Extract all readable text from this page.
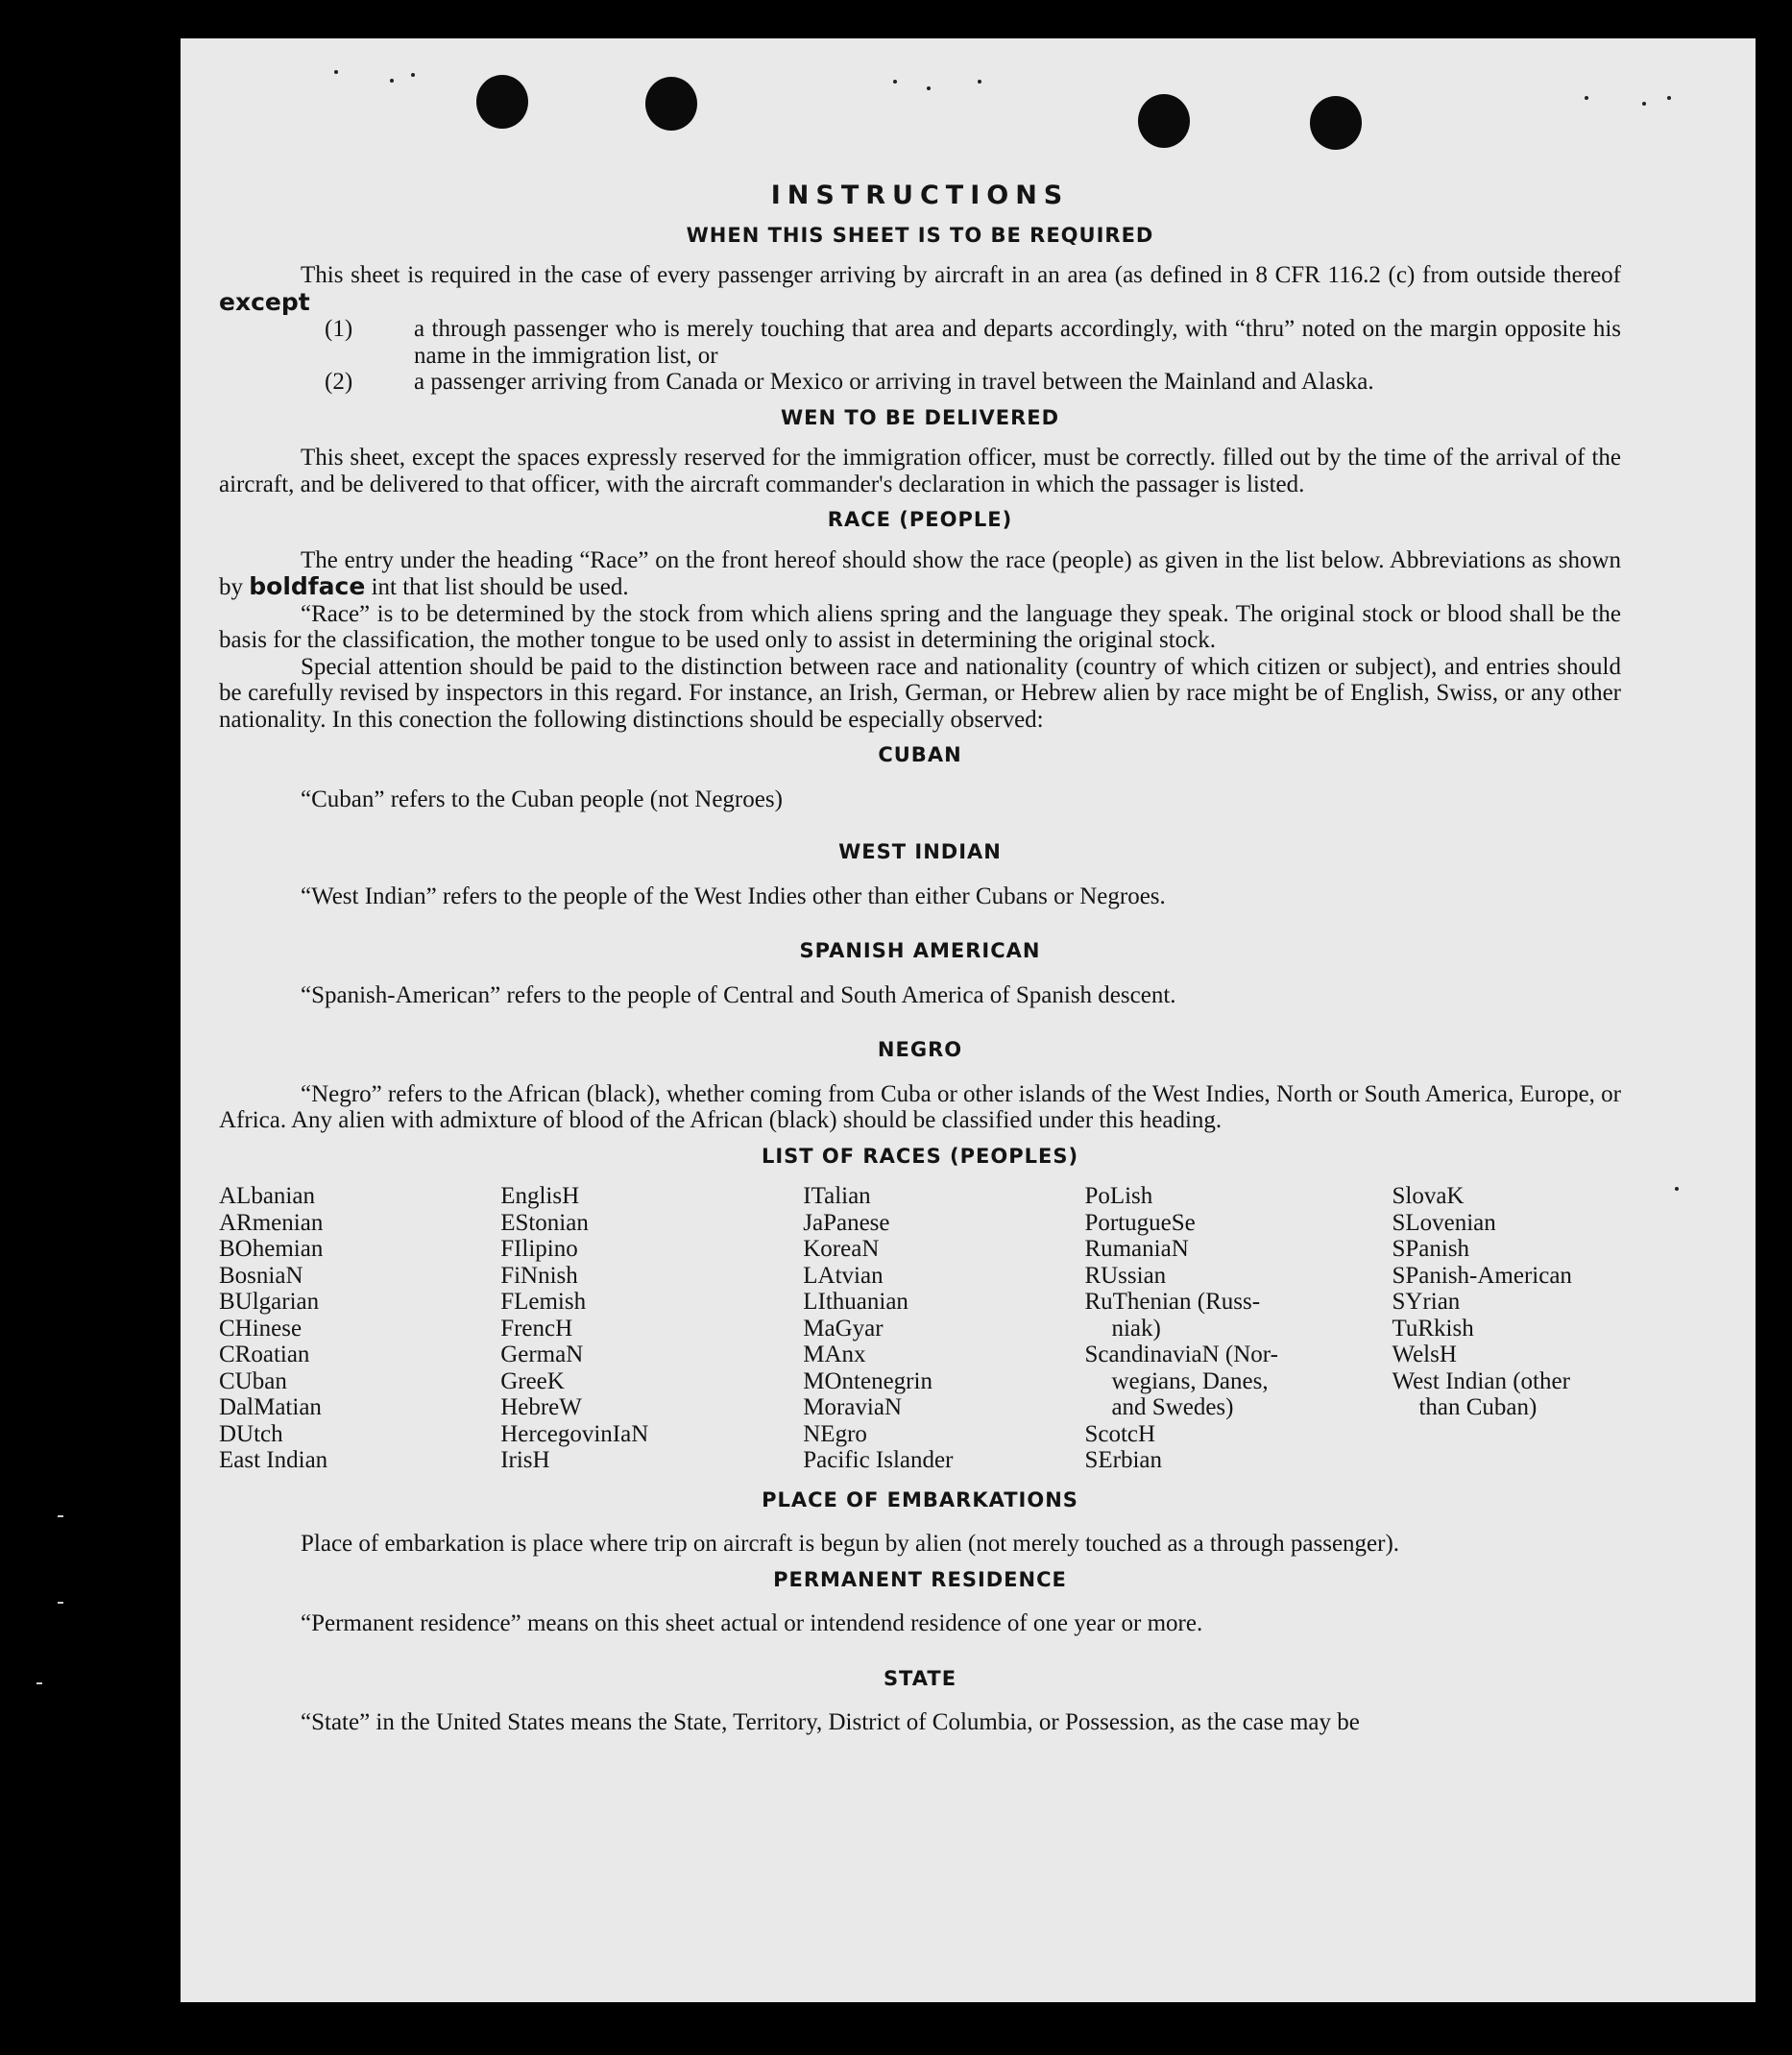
INSTRUCTIONS
WHEN THIS SHEET IS TO BE REQUIRED

This sheet is required in the case of every passenger arriving by aircraft in an area (as defined in 8 CFR 116.2 (c) from outside thereof except

(1)	a through passenger who is merely touching that area and departs accordingly, with “thru” noted on the margin opposite his name in the immigration list, or
(2)	a passenger arriving from Canada or Mexico or arriving in travel between the Mainland and Alaska.
WEN TO BE DELIVERED

This sheet, except the spaces expressly reserved for the immigration officer, must be correctly. filled out by the time of the arrival of the aircraft, and be delivered to that officer, with the aircraft commander's declaration in which the passager is listed.

RACE (PEOPLE)

The entry under the heading “Race” on the front hereof should show the race (people) as given in the list below. Abbreviations as shown by boldface int that list should be used.

“Race” is to be determined by the stock from which aliens spring and the language they speak. The original stock or blood shall be the basis for the classification, the mother tongue to be used only to assist in determining the original stock.

Special attention should be paid to the distinction between race and nationality (country of which citizen or subject), and entries should be carefully revised by inspectors in this regard. For instance, an Irish, German, or Hebrew alien by race might be of English, Swiss, or any other nationality. In this conection the following distinctions should be especially observed:

CUBAN

“Cuban” refers to the Cuban people (not Negroes)

WEST INDIAN

“West Indian” refers to the people of the West Indies other than either Cubans or Negroes.

SPANISH AMERICAN

“Spanish-American” refers to the people of Central and South America of Spanish descent.

NEGRO

“Negro” refers to the African (black), whether coming from Cuba or other islands of the West Indies, North or South America, Europe, or Africa. Any alien with admixture of blood of the African (black) should be classified under this heading.

LIST OF RACES (PEOPLES)
ALbanian
ARmenian
BOhemian
BosniaN
BUlgarian
CHinese
CRoatian
CUban
DalMatian
DUtch
East Indian
EnglisH
EStonian
FIlipino
FiNnish
FLemish
FrencH
GermaN
GreeK
HebreW
HercegovinIaN
IrisH
ITalian
JaPanese
KoreaN
LAtvian
LIthuanian
MaGyar
MAnx
MOntenegrin
MoraviaN
NEgro
Pacific Islander
PoLish
PortugueSe
RumaniaN
RUssian
RuThenian (Russ-
niak)
ScandinaviaN (Nor-
wegians, Danes,
and Swedes)
ScotcH
SErbian
SlovaK
SLovenian
SPanish
SPanish-American
SYrian
TuRkish
WelsH
West Indian (other
than Cuban)
PLACE OF EMBARKATIONS

Place of embarkation is place where trip on aircraft is begun by alien (not merely touched as a through passenger).

PERMANENT RESIDENCE

“Permanent residence” means on this sheet actual or intendend residence of one year or more.

STATE

“State” in the United States means the State, Territory, District of Columbia, or Possession, as the case may be
